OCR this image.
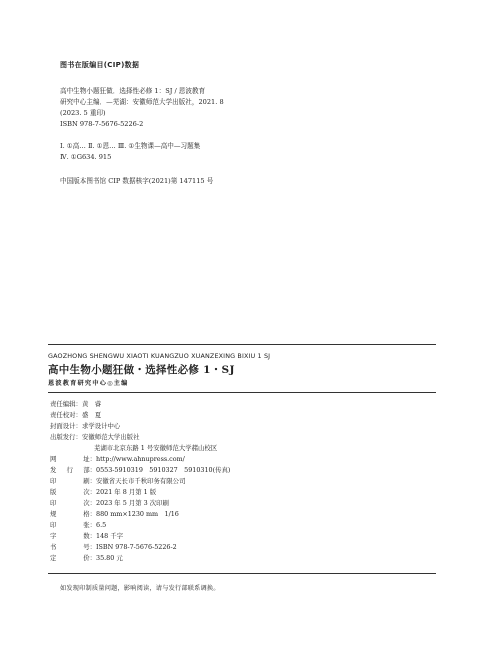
图书在版编目(CIP)数据
高中生物小题狂做．选择性必修 1：SJ / 恩波教育
研究中心主编．—芜湖：安徽师范大学出版社，2021. 8
(2023. 5 重印)
ISBN 978-7-5676-5226-2
Ⅰ. ①高… Ⅱ. ①恩… Ⅲ. ①生物课—高中—习题集
Ⅳ. ①G634. 915
中国版本图书馆 CIP 数据核字(2021)第 147115 号
GAOZHONG SHENGWU XIAOTI KUANGZUO XUANZEXING BIXIU 1 SJ
高中生物小题狂做・选择性必修 1・SJ
恩波教育研究中心◎主编
责任编辑： 黄　睿
责任校对： 盛　夏
封面设计： 求学设计中心
出版发行： 安徽师范大学出版社
芜湖市北京东路 1 号安徽师范大学赭山校区
网	址： http://www.ahnupress.com/
发 行 部： 0553-5910319　5910327　5910310(传真)
印	刷： 安徽省天长市千秋印务有限公司
版	次： 2021 年 8 月第 1 版
印	次： 2023 年 5 月第 3 次印刷
规	格： 880 mm×1230 mm　1/16
印	张： 6.5
字	数： 148 千字
书	号： ISBN 978-7-5676-5226-2
定	价： 35.80 元
如发现印制质量问题，影响阅读，请与发行部联系调换。
